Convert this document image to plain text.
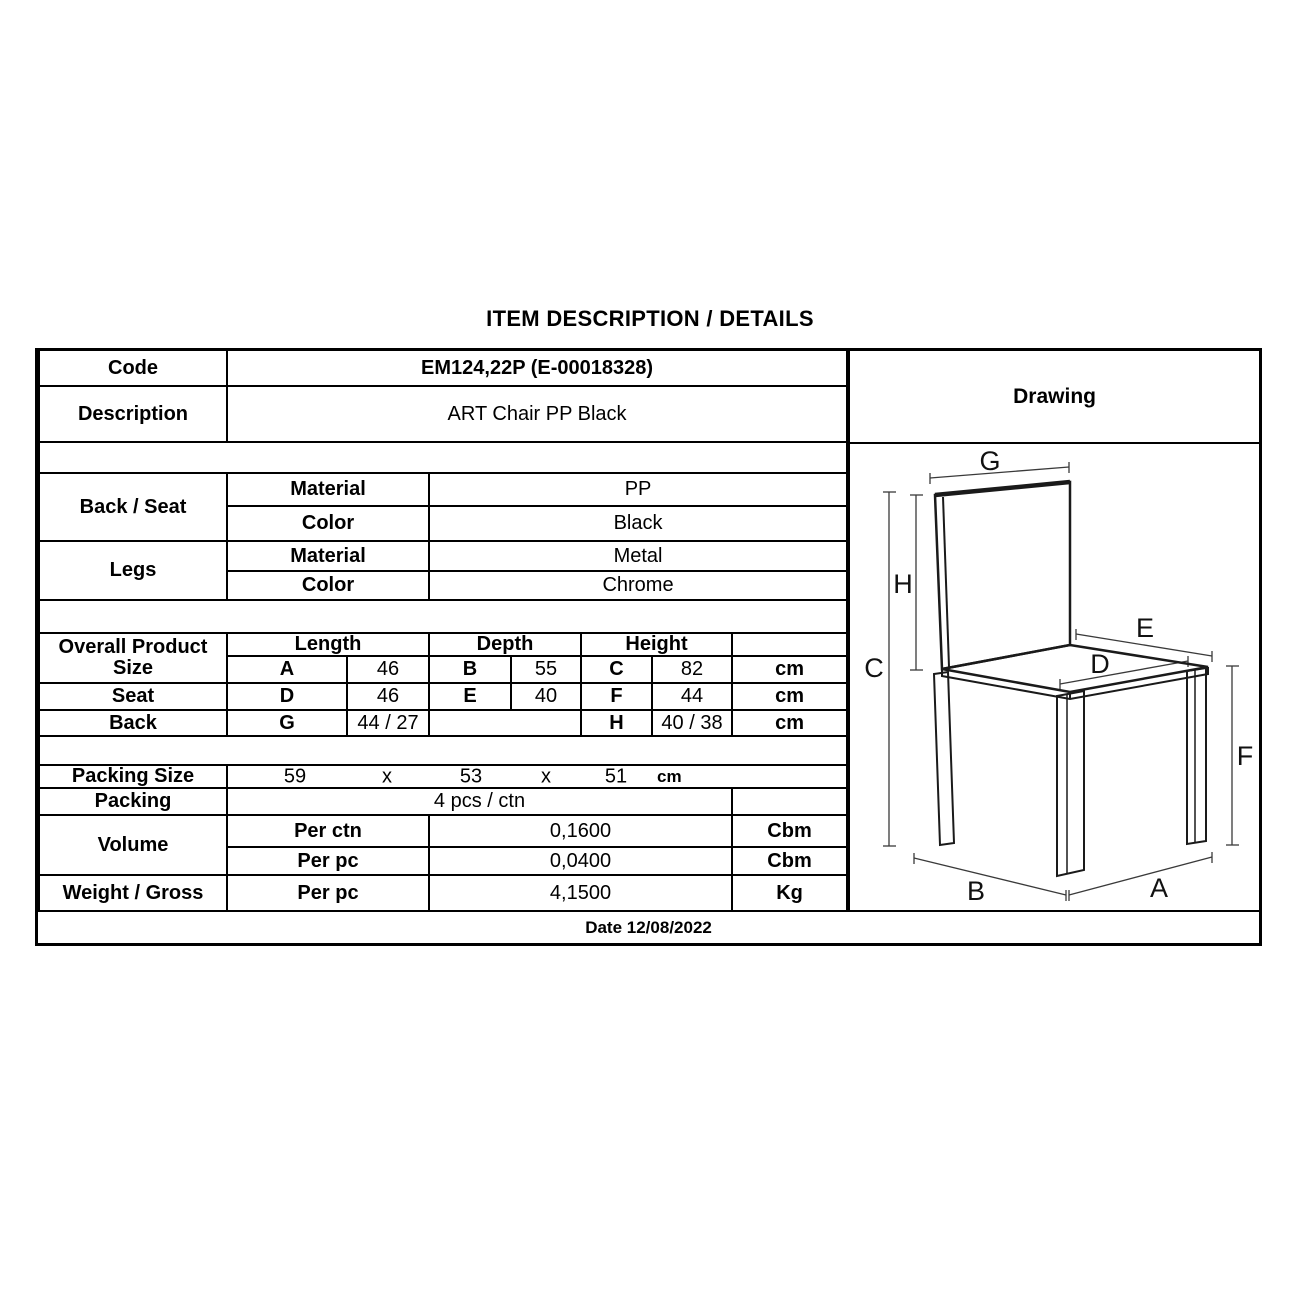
ITEM DESCRIPTION / DETAILS
Code	EM124,22P (E-00018328)						
Description	ART Chair PP Black						

Back / Seat	Material		PP				
	Color		Black				
Legs	Material		Metal				
	Color		Chrome				

Overall Product
Size	Length		Depth		Height		
	A	46	B	55	C	82	cm
Seat	D	46	E	40	F	44	cm
Back	G	44 / 27			H	40 / 38	cm

Packing Size	59	x	53	x	51 cm

Packing	4 pcs / ctn						
Volume	Per ctn		0,1600				Cbm
	Per pc		0,0400				Cbm
Weight / Gross	Per pc		4,1500				Kg
Drawing
G
H
C
E
D
F
B	A
Date 12/08/2022
